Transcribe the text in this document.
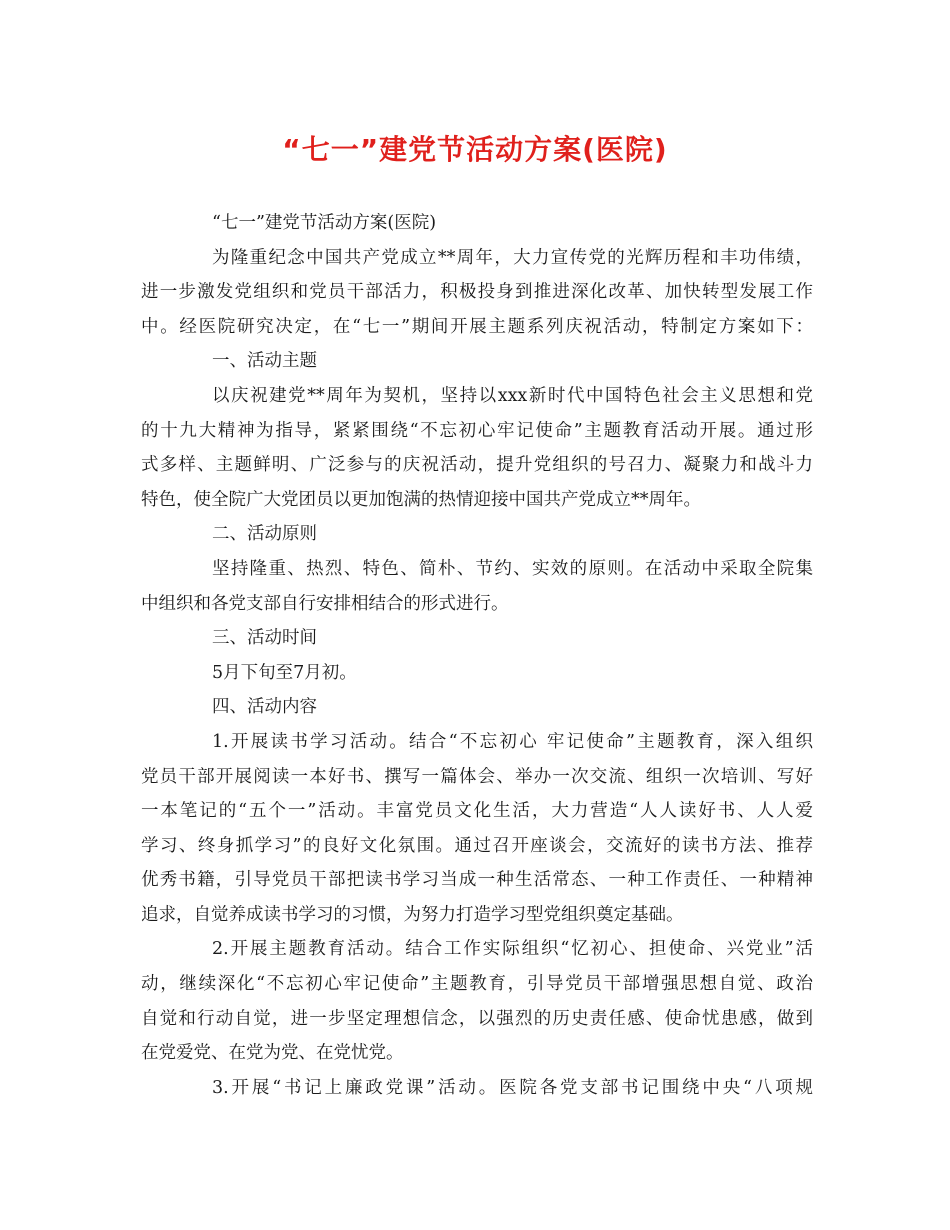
“七一”建党节活动方案(医院)
“七一”建党节活动方案(医院)
为隆重纪念中国共产党成立**周年，大力宣传党的光辉历程和丰功伟绩，
进一步激发党组织和党员干部活力，积极投身到推进深化改革、加快转型发展工作
中。经医院研究决定，在“七一”期间开展主题系列庆祝活动，特制定方案如下：
一、活动主题
以庆祝建党**周年为契机，坚持以xxx新时代中国特色社会主义思想和党
的十九大精神为指导，紧紧围绕“不忘初心牢记使命”主题教育活动开展。通过形
式多样、主题鲜明、广泛参与的庆祝活动，提升党组织的号召力、凝聚力和战斗力
特色，使全院广大党团员以更加饱满的热情迎接中国共产党成立**周年。
二、活动原则
坚持隆重、热烈、特色、简朴、节约、实效的原则。在活动中采取全院集
中组织和各党支部自行安排相结合的形式进行。
三、活动时间
5月下旬至7月初。
四、活动内容
1.开展读书学习活动。结合“不忘初心 牢记使命”主题教育，深入组织
党员干部开展阅读一本好书、撰写一篇体会、举办一次交流、组织一次培训、写好
一本笔记的“五个一”活动。丰富党员文化生活，大力营造“人人读好书、人人爱
学习、终身抓学习”的良好文化氛围。通过召开座谈会，交流好的读书方法、推荐
优秀书籍，引导党员干部把读书学习当成一种生活常态、一种工作责任、一种精神
追求，自觉养成读书学习的习惯，为努力打造学习型党组织奠定基础。
2.开展主题教育活动。结合工作实际组织“忆初心、担使命、兴党业”活
动，继续深化“不忘初心牢记使命”主题教育，引导党员干部增强思想自觉、政治
自觉和行动自觉，进一步坚定理想信念，以强烈的历史责任感、使命忧患感，做到
在党爱党、在党为党、在党忧党。
3.开展“书记上廉政党课”活动。医院各党支部书记围绕中央“八项规
